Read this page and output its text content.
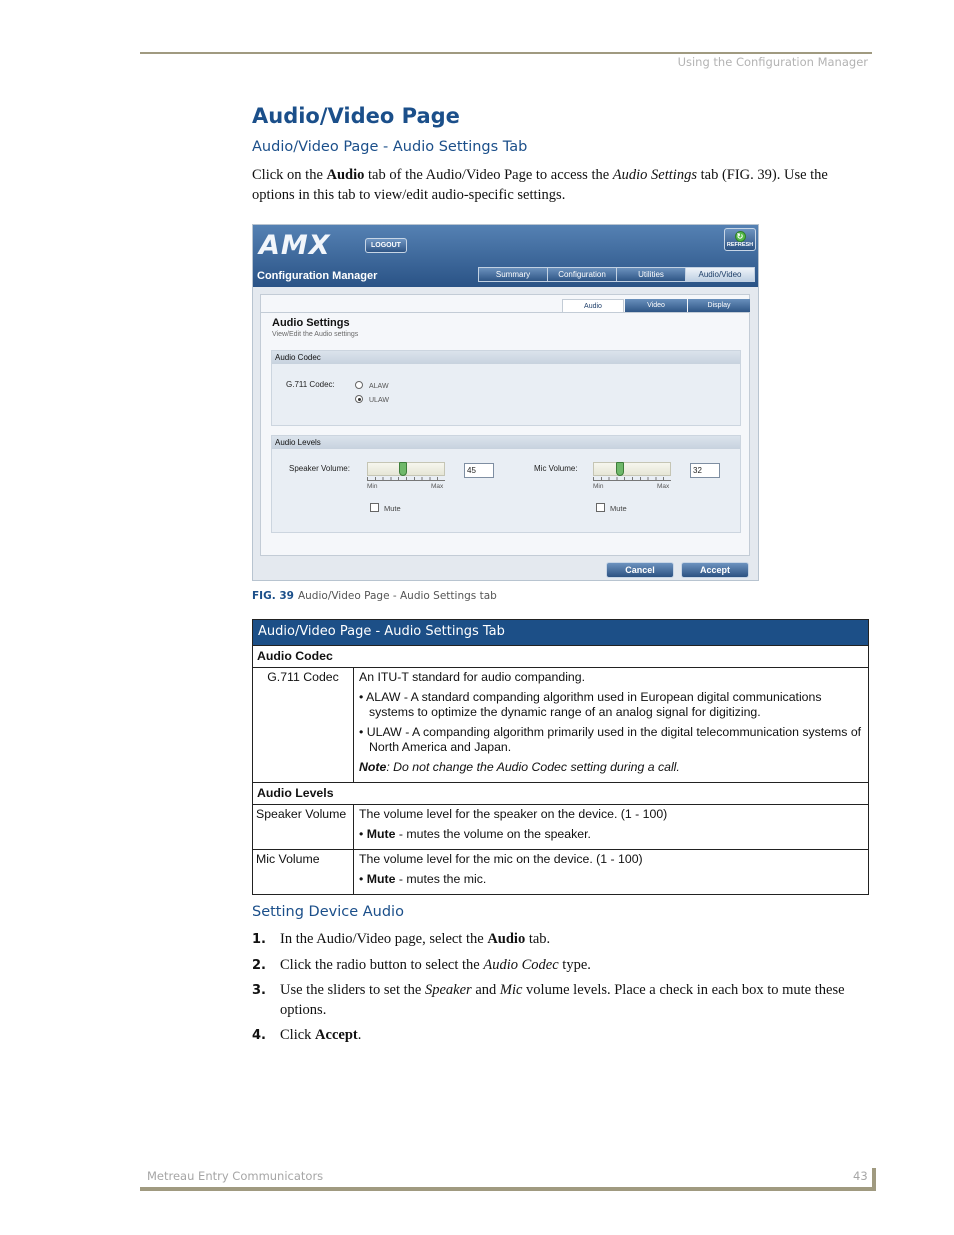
Using the Configuration Manager
Audio/Video Page
Audio/Video Page - Audio Settings Tab
Click on the Audio tab of the Audio/Video Page to access the Audio Settings tab (FIG. 39). Use the options in this tab to view/edit audio-specific settings.
AMX	LOGOUT
↻
REFRESH
Configuration Manager	Summary	Configuration	Utilities	Audio/Video
Audio	Video	Display
Audio Settings
View/Edit the Audio settings
Audio Codec
G.711 Codec:	ALAW
ULAW
Audio Levels
Speaker Volume:
Min	Max
45
Mute
Mic Volume:
Min	Max
32
Mute
Cancel	Accept
FIG. 39 Audio/Video Page - Audio Settings tab
Audio/Video Page - Audio Settings Tab
Audio Codec
G.711 Codec	An ITU-T standard for audio companding.

• ALAW - A standard companding algorithm used in European digital communications systems to optimize the dynamic range of an analog signal for digitizing.

• ULAW - A companding algorithm primarily used in the digital telecommunication systems of North America and Japan.

Note: Do not change the Audio Codec setting during a call.

Audio Levels
Speaker Volume	The volume level for the speaker on the device. (1 - 100)

• Mute - mutes the volume on the speaker.

Mic Volume	The volume level for the mic on the device. (1 - 100)

• Mute - mutes the mic.

Setting Device Audio
1. In the Audio/Video page, select the Audio tab.
2. Click the radio button to select the Audio Codec type.
3. Use the sliders to set the Speaker and Mic volume levels. Place a check in each box to mute these options.
4. Click Accept.
Metreau Entry Communicators	43
